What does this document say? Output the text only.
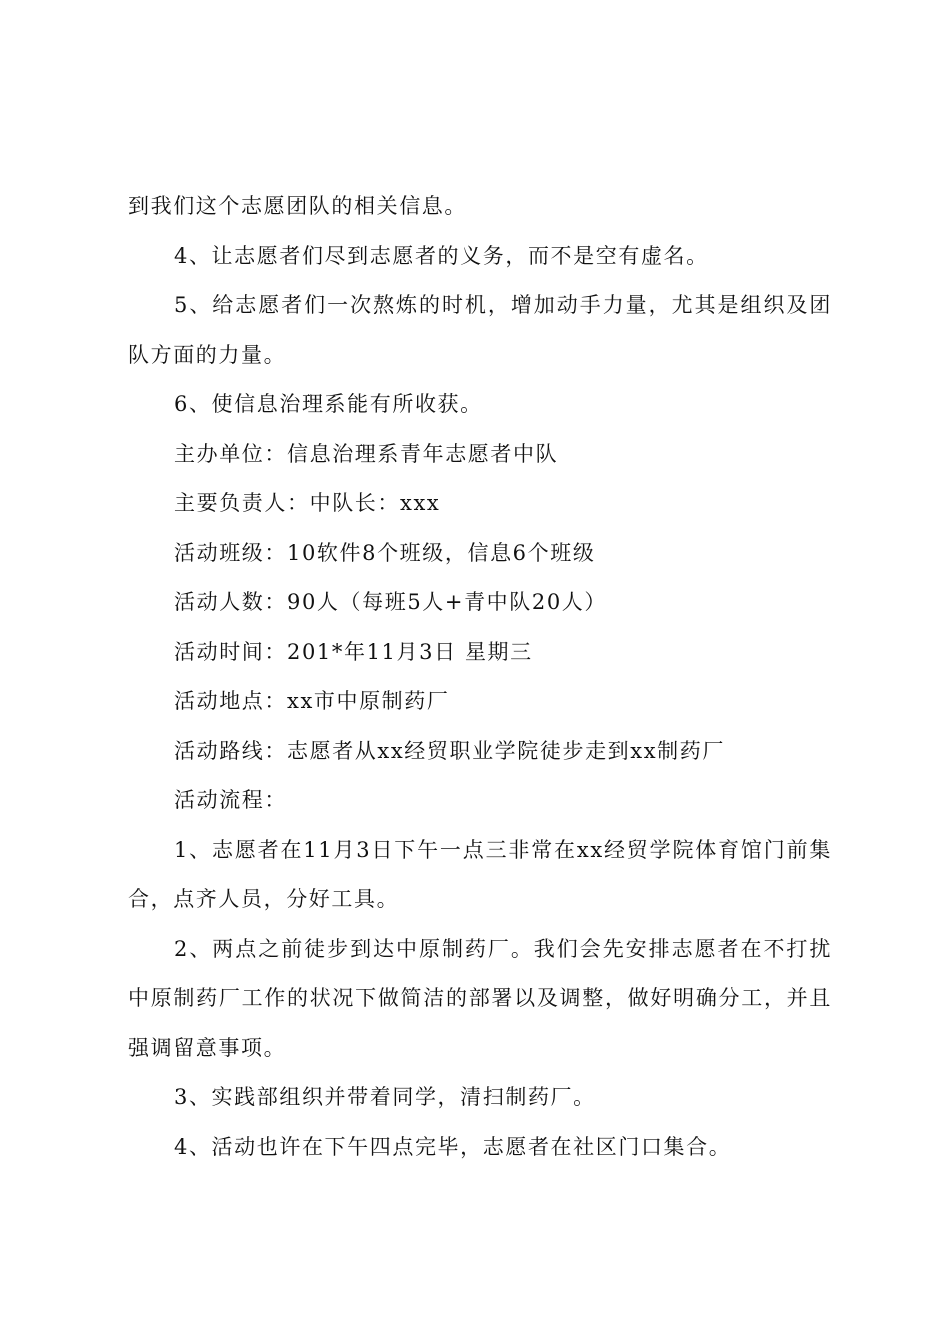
到我们这个志愿团队的相关信息。

4、让志愿者们尽到志愿者的义务，而不是空有虚名。

5、给志愿者们一次熬炼的时机，增加动手力量，尤其是组织及团队方面的力量。

6、使信息治理系能有所收获。

主办单位：信息治理系青年志愿者中队

主要负责人：中队长：xxx

活动班级：10软件8个班级，信息6个班级

活动人数：90人（每班5人+青中队20人）

活动时间：201*年11月3日 星期三

活动地点：xx市中原制药厂

活动路线：志愿者从xx经贸职业学院徒步走到xx制药厂

活动流程：

1、志愿者在11月3日下午一点三非常在xx经贸学院体育馆门前集合，点齐人员，分好工具。

2、两点之前徒步到达中原制药厂。我们会先安排志愿者在不打扰中原制药厂工作的状况下做简洁的部署以及调整，做好明确分工，并且强调留意事项。

3、实践部组织并带着同学，清扫制药厂。

4、活动也许在下午四点完毕，志愿者在社区门口集合。
